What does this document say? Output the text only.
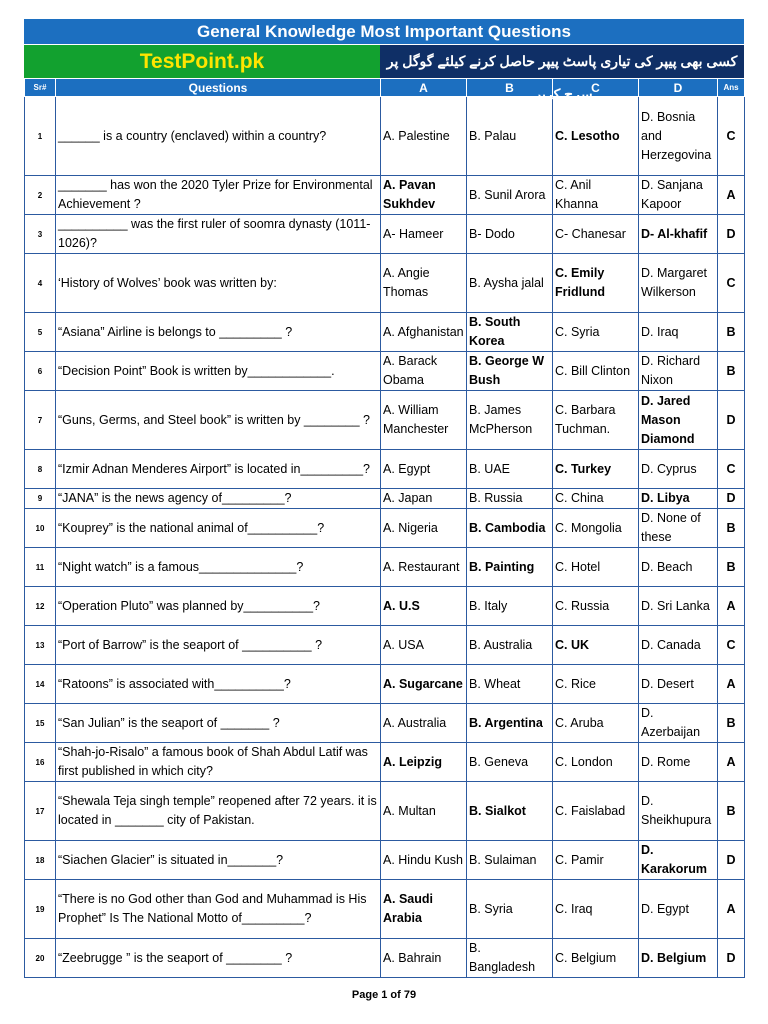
General Knowledge Most Important Questions
TestPoint.pk	کسی بھی پیپر کی تیاری پاسٹ پیپر حاصل کرنے کیلئے گوگل پر سرچ کریں
Sr#	Questions	A	B	C	D	Ans
1	______ is a country (enclaved) within a country?	A. Palestine	B. Palau	C. Lesotho	D. Bosnia and Herzegovina	C
2	_______ has won the 2020 Tyler Prize for Environmental Achievement ?	A. Pavan Sukhdev	B. Sunil Arora	C. Anil Khanna	D. Sanjana Kapoor	A
3	__________ was the first ruler of soomra dynasty (1011-1026)?	A- Hameer	B- Dodo	C- Chanesar	D- Al-khafif	D
4	‘History of Wolves’ book was written by:	A. Angie Thomas	B. Aysha jalal	C. Emily Fridlund	D. Margaret Wilkerson	C
5	“Asiana” Airline is belongs to _________ ?	A. Afghanistan	B. South Korea	C. Syria	D. Iraq	B
6	“Decision Point” Book is written by____________.	A. Barack Obama	B. George W Bush	C. Bill Clinton	D. Richard Nixon	B
7	“Guns, Germs, and Steel book” is written by ________ ?	A. William Manchester	B. James McPherson	C. Barbara Tuchman.	D. Jared Mason Diamond	D
8	“Izmir Adnan Menderes Airport” is located in_________?	A. Egypt	B. UAE	C. Turkey	D. Cyprus	C
9	“JANA” is the news agency of_________?	A. Japan	B. Russia	C. China	D. Libya	D
10	“Kouprey” is the national animal of__________?	A. Nigeria	B. Cambodia	C. Mongolia	D. None of these	B
11	“Night watch” is a famous______________?	A. Restaurant	B. Painting	C. Hotel	D. Beach	B
12	“Operation Pluto” was planned by__________?	A. U.S	B. Italy	C. Russia	D. Sri Lanka	A
13	“Port of Barrow” is the seaport of __________ ?	A. USA	B. Australia	C. UK	D. Canada	C
14	“Ratoons” is associated with__________?	A. Sugarcane	B. Wheat	C. Rice	D. Desert	A
15	“San Julian” is the seaport of _______ ?	A. Australia	B. Argentina	C. Aruba	D. Azerbaijan	B
16	“Shah-jo-Risalo” a famous book of Shah Abdul Latif was first published in which city?	A. Leipzig	B. Geneva	C. London	D. Rome	A
17	“Shewala Teja singh temple” reopened after 72 years. it is located in _______ city of Pakistan.	A. Multan	B. Sialkot	C. Faislabad	D. Sheikhupura	B
18	“Siachen Glacier” is situated in_______?	A. Hindu Kush	B. Sulaiman	C. Pamir	D. Karakorum	D
19	“There is no God other than God and Muhammad is His Prophet” Is The National Motto of_________?	A. Saudi Arabia	B. Syria	C. Iraq	D. Egypt	A
20	“Zeebrugge ” is the seaport of ________ ?	A. Bahrain	B. Bangladesh	C. Belgium	D. Belgium	D
Page 1 of 79
